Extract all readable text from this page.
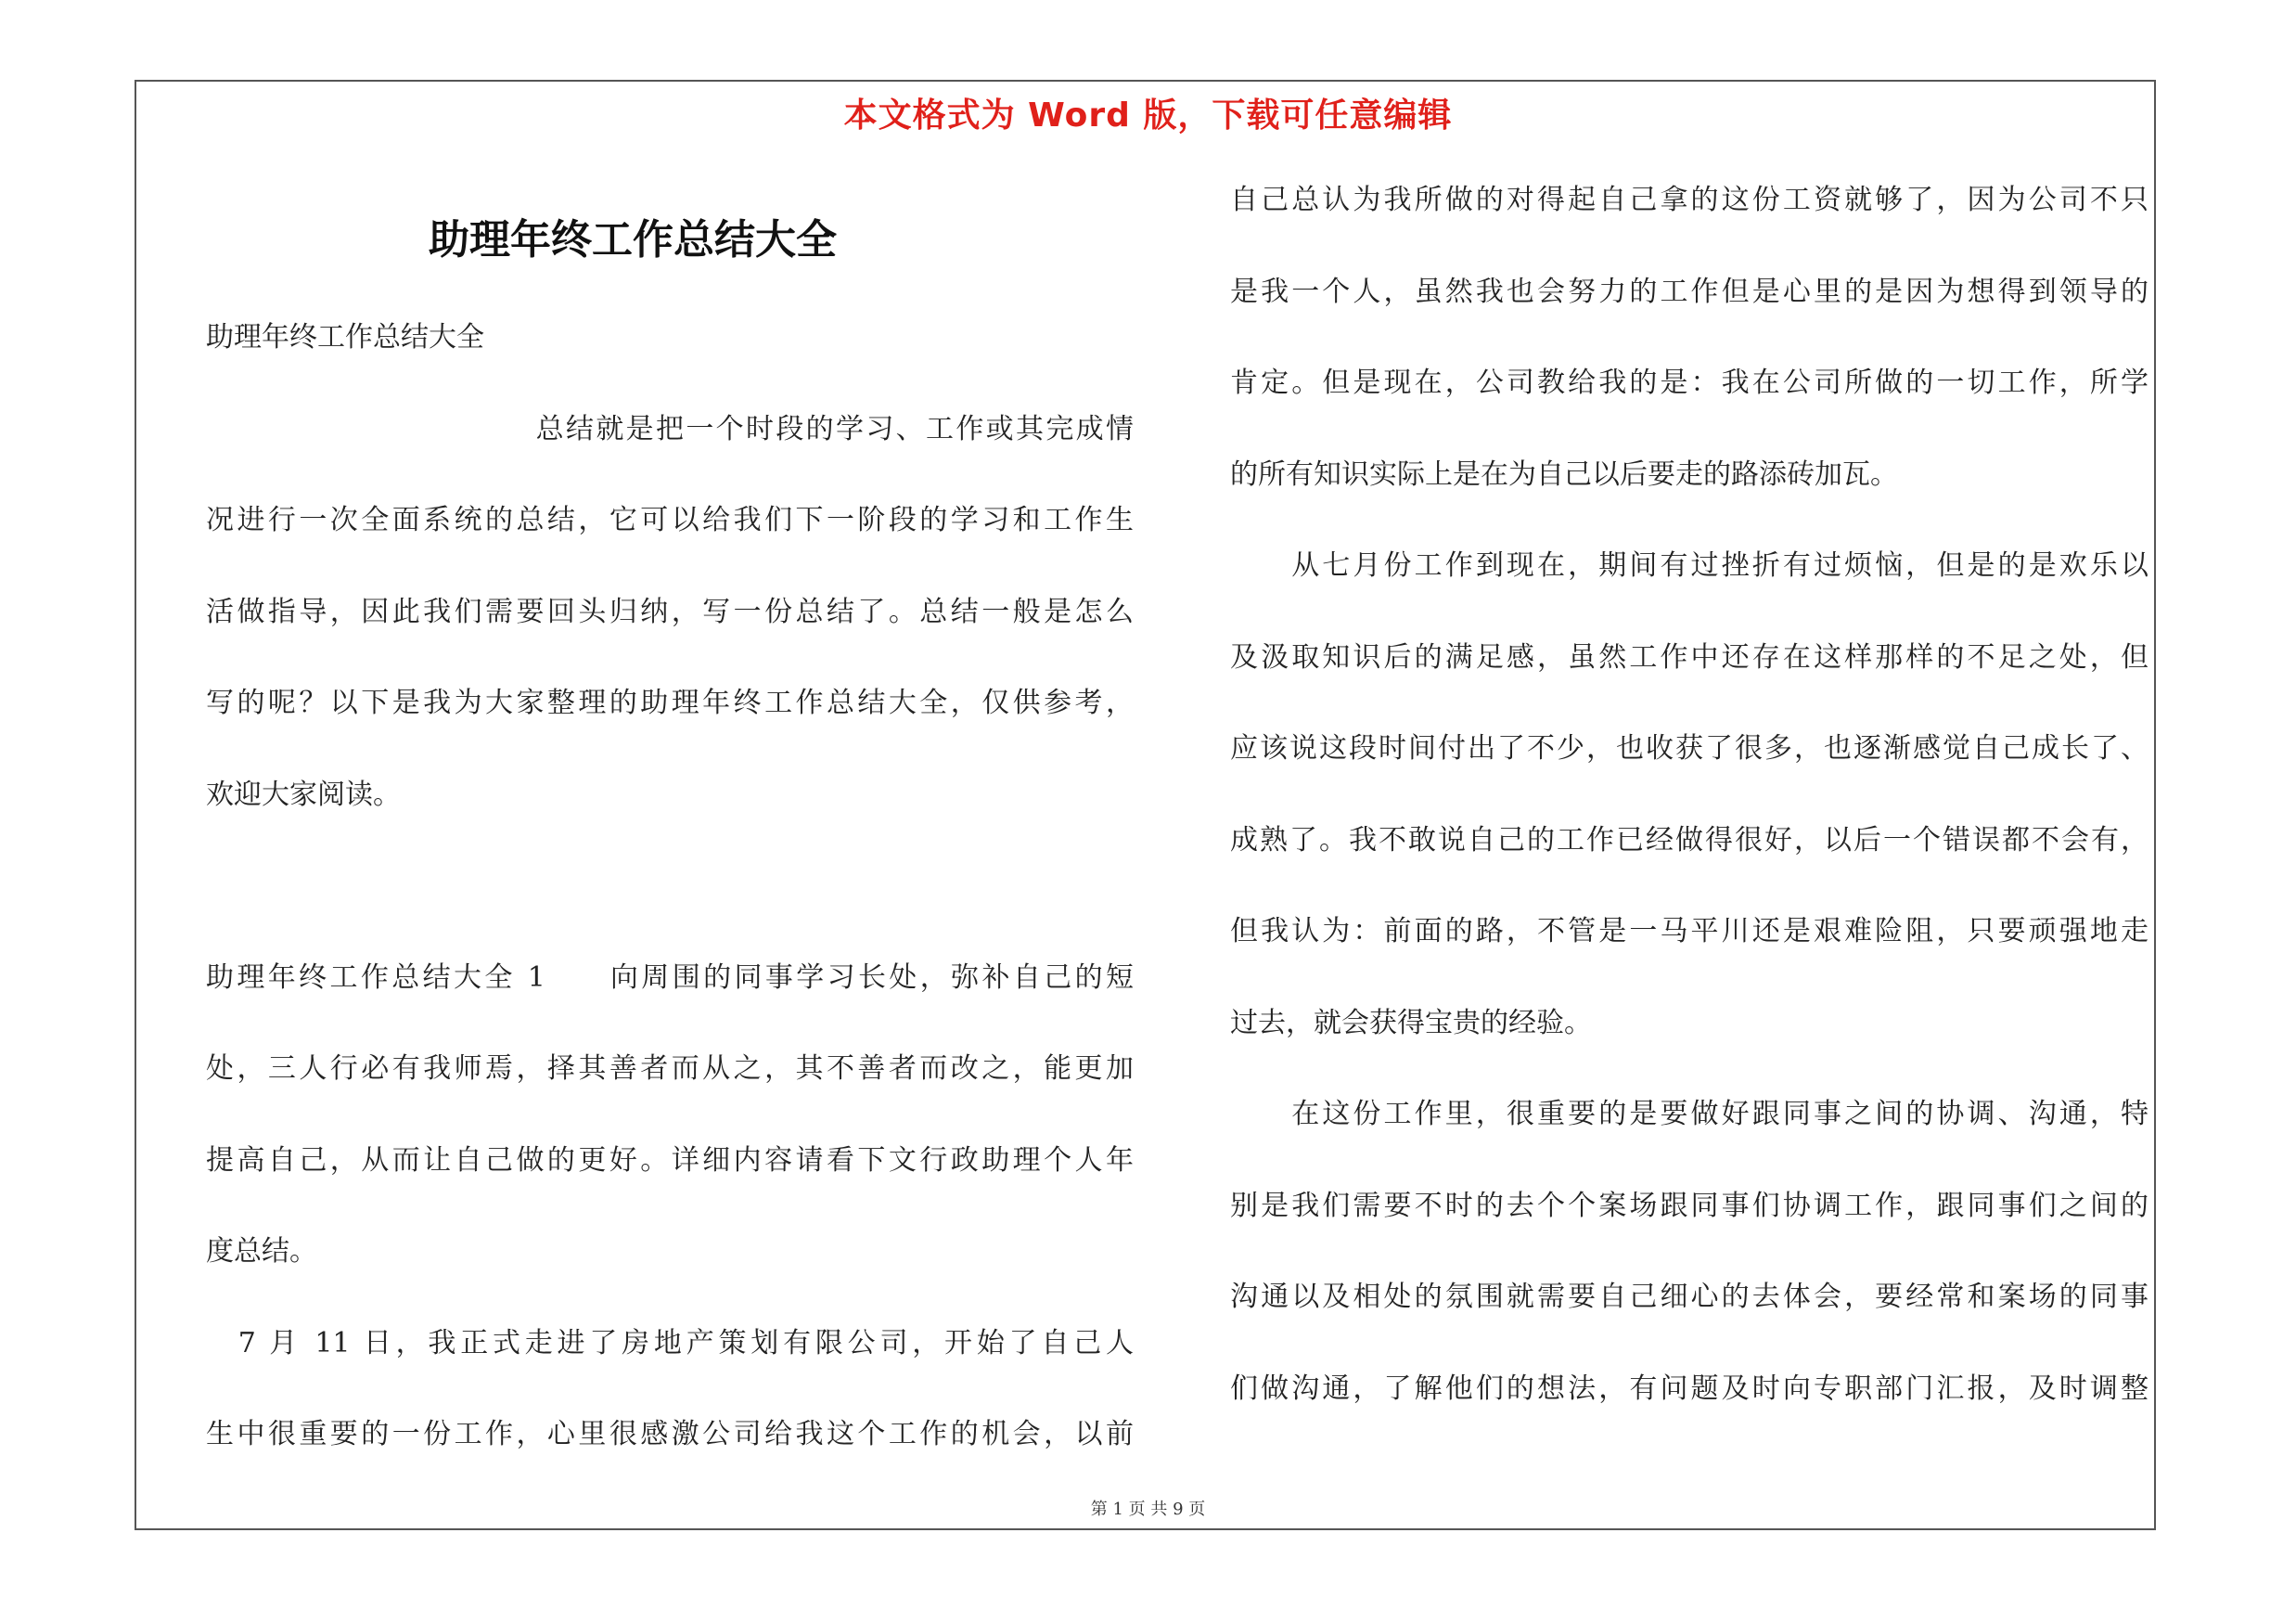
本文格式为 Word 版，下载可任意编辑
助理年终工作总结大全
助理年终工作总结大全
　　　　　　　　　　　总结就是把一个时段的学习、工作或其完成情
况进行一次全面系统的总结，它可以给我们下一阶段的学习和工作生
活做指导，因此我们需要回头归纳，写一份总结了。总结一般是怎么
写的呢？以下是我为大家整理的助理年终工作总结大全，仅供参考，
欢迎大家阅读。
助理年终工作总结大全 1　　向周围的同事学习长处，弥补自己的短
处，三人行必有我师焉，择其善者而从之，其不善者而改之，能更加
提高自己，从而让自己做的更好。详细内容请看下文行政助理个人年
度总结。
　7 月 11 日，我正式走进了房地产策划有限公司，开始了自己人
生中很重要的一份工作，心里很感激公司给我这个工作的机会，以前
自己总认为我所做的对得起自己拿的这份工资就够了，因为公司不只
是我一个人，虽然我也会努力的工作但是心里的是因为想得到领导的
肯定。但是现在，公司教给我的是：我在公司所做的一切工作，所学
的所有知识实际上是在为自己以后要走的路添砖加瓦。
　　从七月份工作到现在，期间有过挫折有过烦恼，但是的是欢乐以
及汲取知识后的满足感，虽然工作中还存在这样那样的不足之处，但
应该说这段时间付出了不少，也收获了很多，也逐渐感觉自己成长了、
成熟了。我不敢说自己的工作已经做得很好，以后一个错误都不会有，
但我认为：前面的路，不管是一马平川还是艰难险阻，只要顽强地走
过去，就会获得宝贵的经验。
　　在这份工作里，很重要的是要做好跟同事之间的协调、沟通，特
别是我们需要不时的去个个案场跟同事们协调工作，跟同事们之间的
沟通以及相处的氛围就需要自己细心的去体会，要经常和案场的同事
们做沟通，了解他们的想法，有问题及时向专职部门汇报，及时调整
第 1 页 共 9 页
